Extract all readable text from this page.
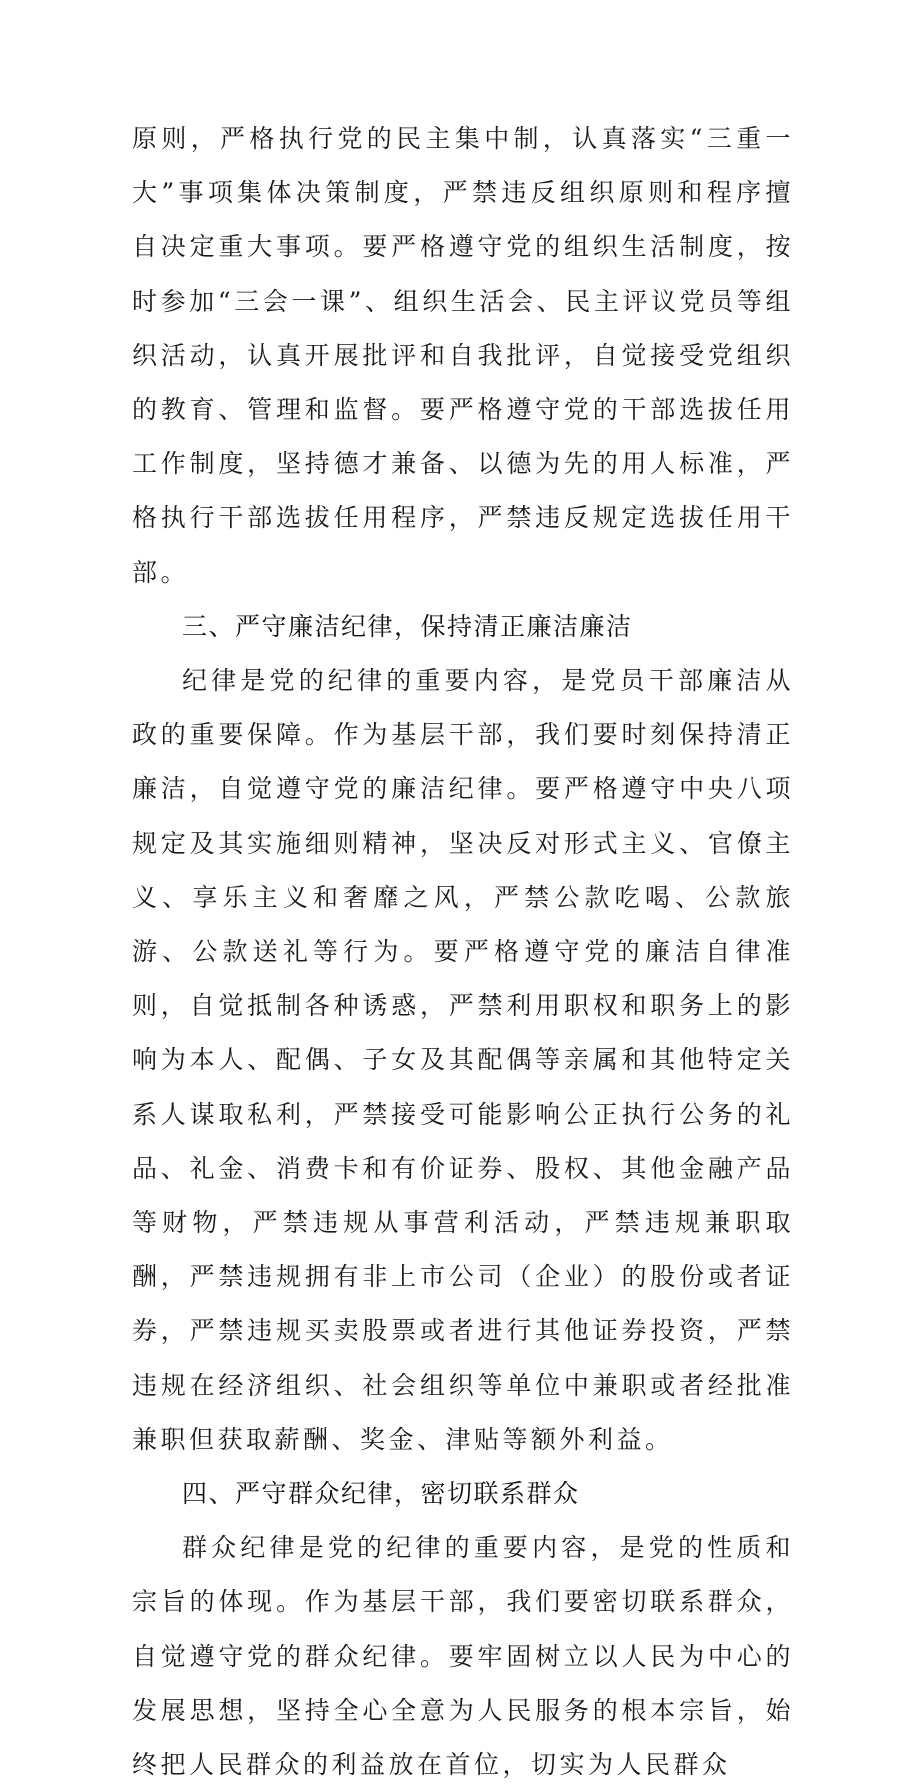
原则，严格执行党的民主集中制，认真落实“三重一大”事项集体决策制度，严禁违反组织原则和程序擅自决定重大事项。要严格遵守党的组织生活制度，按时参加“三会一课”、组织生活会、民主评议党员等组织活动，认真开展批评和自我批评，自觉接受党组织的教育、管理和监督。要严格遵守党的干部选拔任用工作制度，坚持德才兼备、以德为先的用人标准，严格执行干部选拔任用程序，严禁违反规定选拔任用干部。

三、严守廉洁纪律，保持清正廉洁廉洁

纪律是党的纪律的重要内容，是党员干部廉洁从政的重要保障。作为基层干部，我们要时刻保持清正廉洁，自觉遵守党的廉洁纪律。要严格遵守中央八项规定及其实施细则精神，坚决反对形式主义、官僚主义、享乐主义和奢靡之风，严禁公款吃喝、公款旅游、公款送礼等行为。要严格遵守党的廉洁自律准则，自觉抵制各种诱惑，严禁利用职权和职务上的影响为本人、配偶、子女及其配偶等亲属和其他特定关系人谋取私利，严禁接受可能影响公正执行公务的礼品、礼金、消费卡和有价证券、股权、其他金融产品等财物，严禁违规从事营利活动，严禁违规兼职取酬，严禁违规拥有非上市公司（企业）的股份或者证券，严禁违规买卖股票或者进行其他证券投资，严禁违规在经济组织、社会组织等单位中兼职或者经批准兼职但获取薪酬、奖金、津贴等额外利益。

四、严守群众纪律，密切联系群众

群众纪律是党的纪律的重要内容，是党的性质和宗旨的体现。作为基层干部，我们要密切联系群众，自觉遵守党的群众纪律。要牢固树立以人民为中心的发展思想，坚持全心全意为人民服务的根本宗旨，始终把人民群众的利益放在首位，切实为人民群众
